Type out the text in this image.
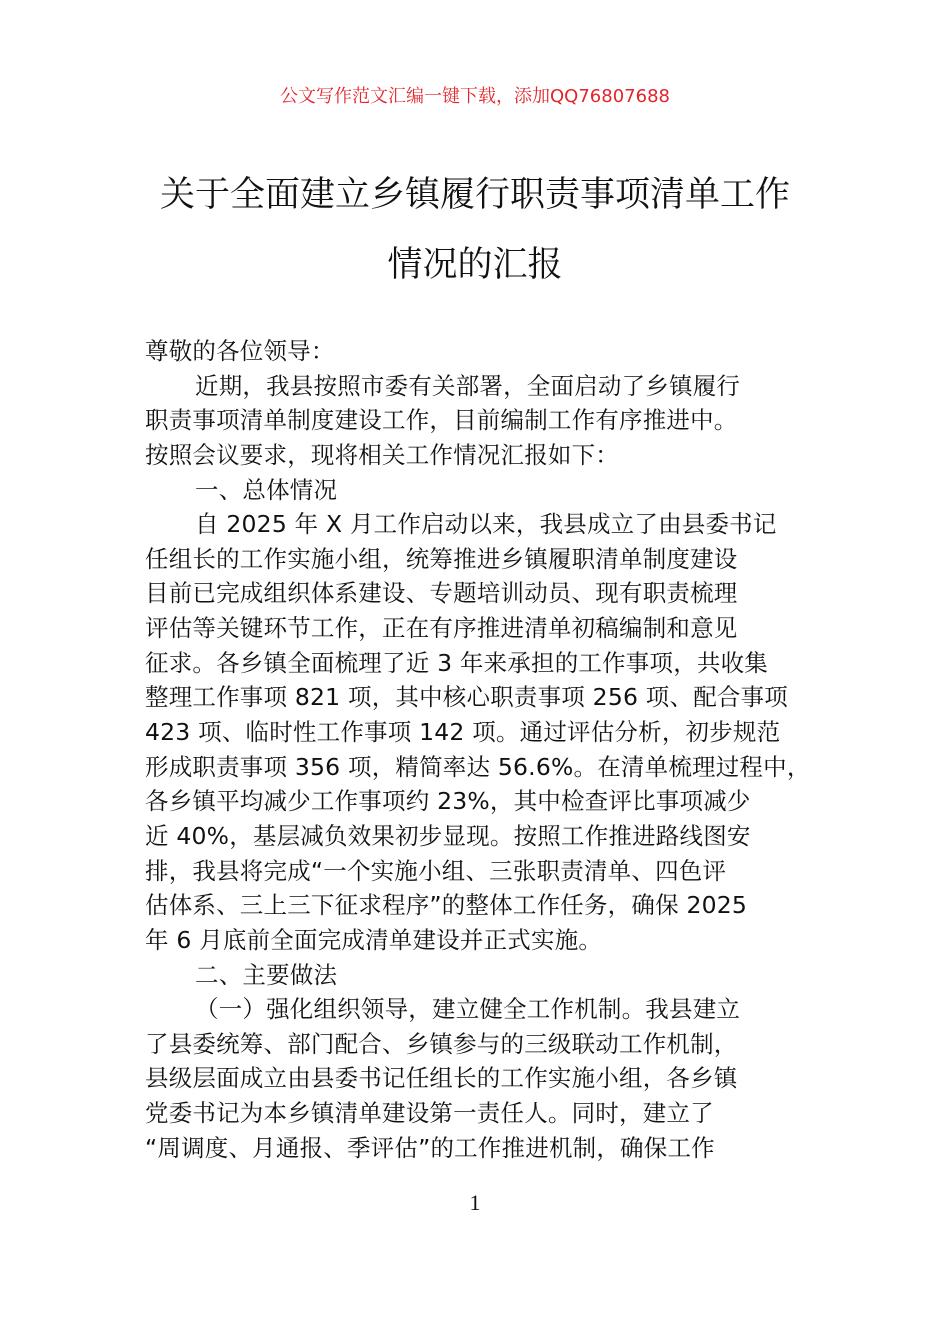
公文写作范文汇编一键下载，添加QQ76807688
关于全面建立乡镇履行职责事项清单工作
情况的汇报
尊敬的各位领导：
近期，我县按照市委有关部署，全面启动了乡镇履行
职责事项清单制度建设工作，目前编制工作有序推进中。
按照会议要求，现将相关工作情况汇报如下：
一、总体情况
自 2025 年 X 月工作启动以来，我县成立了由县委书记
任组长的工作实施小组，统筹推进乡镇履职清单制度建设
目前已完成组织体系建设、专题培训动员、现有职责梳理
评估等关键环节工作，正在有序推进清单初稿编制和意见
征求。各乡镇全面梳理了近 3 年来承担的工作事项，共收集
整理工作事项 821 项，其中核心职责事项 256 项、配合事项
423 项、临时性工作事项 142 项。通过评估分析，初步规范
形成职责事项 356 项，精简率达 56.6%。在清单梳理过程中，
各乡镇平均减少工作事项约 23%，其中检查评比事项减少
近 40%，基层减负效果初步显现。按照工作推进路线图安
排，我县将完成“一个实施小组、三张职责清单、四色评
估体系、三上三下征求程序”的整体工作任务，确保 2025
年 6 月底前全面完成清单建设并正式实施。
二、主要做法
（一）强化组织领导，建立健全工作机制。我县建立
了县委统筹、部门配合、乡镇参与的三级联动工作机制，
县级层面成立由县委书记任组长的工作实施小组，各乡镇
党委书记为本乡镇清单建设第一责任人。同时，建立了
“周调度、月通报、季评估”的工作推进机制，确保工作
1
